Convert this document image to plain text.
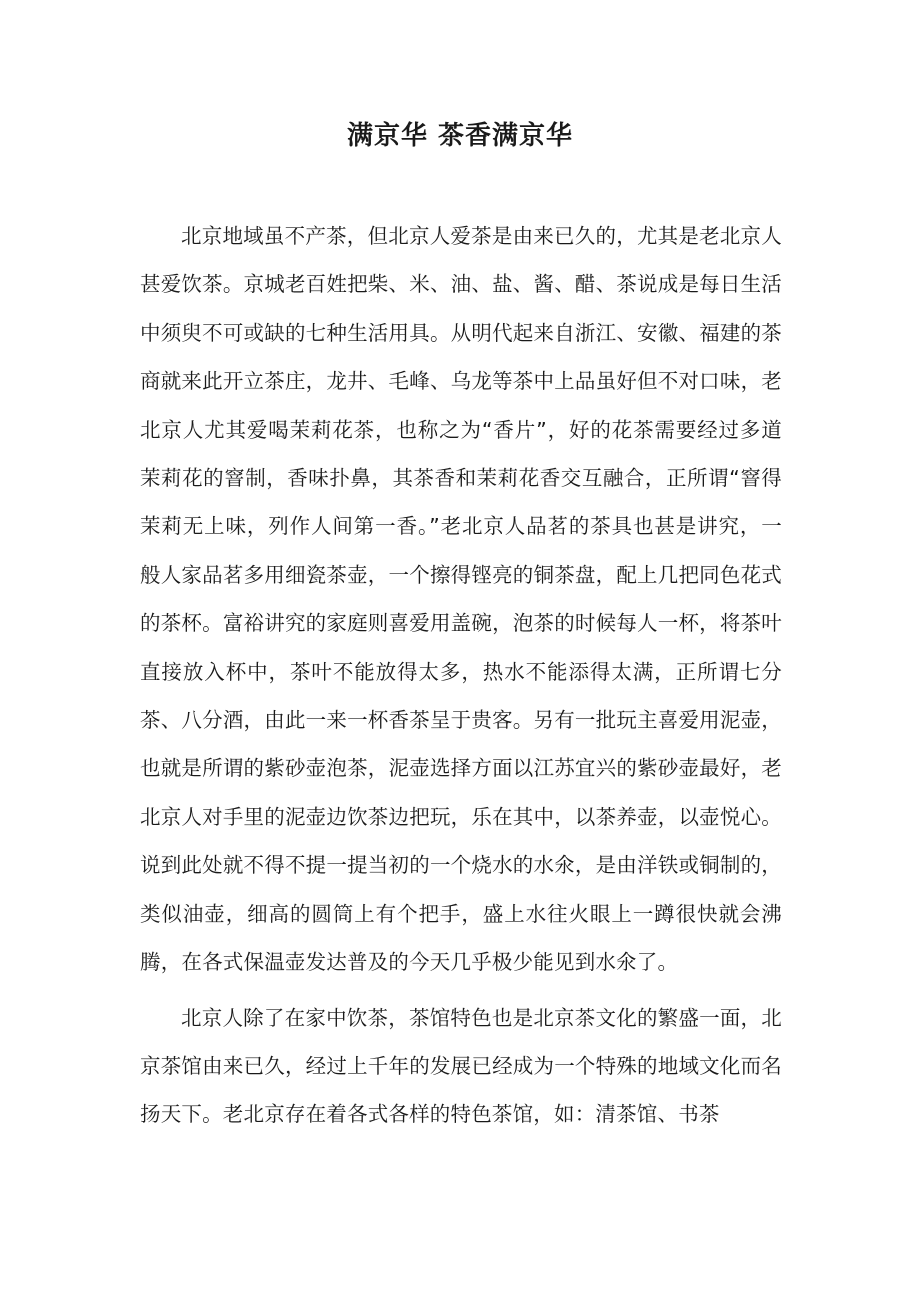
满京华 茶香满京华

北京地域虽不产茶，但北京人爱茶是由来已久的，尤其是老北京人甚爱饮茶。京城老百姓把柴、米、油、盐、酱、醋、茶说成是每日生活中须臾不可或缺的七种生活用具。从明代起来自浙江、安徽、福建的茶商就来此开立茶庄，龙井、毛峰、乌龙等茶中上品虽好但不对口味，老北京人尤其爱喝茉莉花茶，也称之为“香片”，好的花茶需要经过多道茉莉花的窨制，香味扑鼻，其茶香和茉莉花香交互融合，正所谓“窨得茉莉无上味，列作人间第一香。”老北京人品茗的茶具也甚是讲究，一般人家品茗多用细瓷茶壶，一个擦得铿亮的铜茶盘，配上几把同色花式的茶杯。富裕讲究的家庭则喜爱用盖碗，泡茶的时候每人一杯，将茶叶直接放入杯中，茶叶不能放得太多，热水不能添得太满，正所谓七分茶、八分酒，由此一来一杯香茶呈于贵客。另有一批玩主喜爱用泥壶，也就是所谓的紫砂壶泡茶，泥壶选择方面以江苏宜兴的紫砂壶最好，老北京人对手里的泥壶边饮茶边把玩，乐在其中，以茶养壶，以壶悦心。说到此处就不得不提一提当初的一个烧水的水氽，是由洋铁或铜制的，类似油壶，细高的圆筒上有个把手，盛上水往火眼上一蹲很快就会沸腾，在各式保温壶发达普及的今天几乎极少能见到水氽了。

北京人除了在家中饮茶，茶馆特色也是北京茶文化的繁盛一面，北京茶馆由来已久，经过上千年的发展已经成为一个特殊的地域文化而名扬天下。老北京存在着各式各样的特色茶馆，如：清茶馆、书茶
